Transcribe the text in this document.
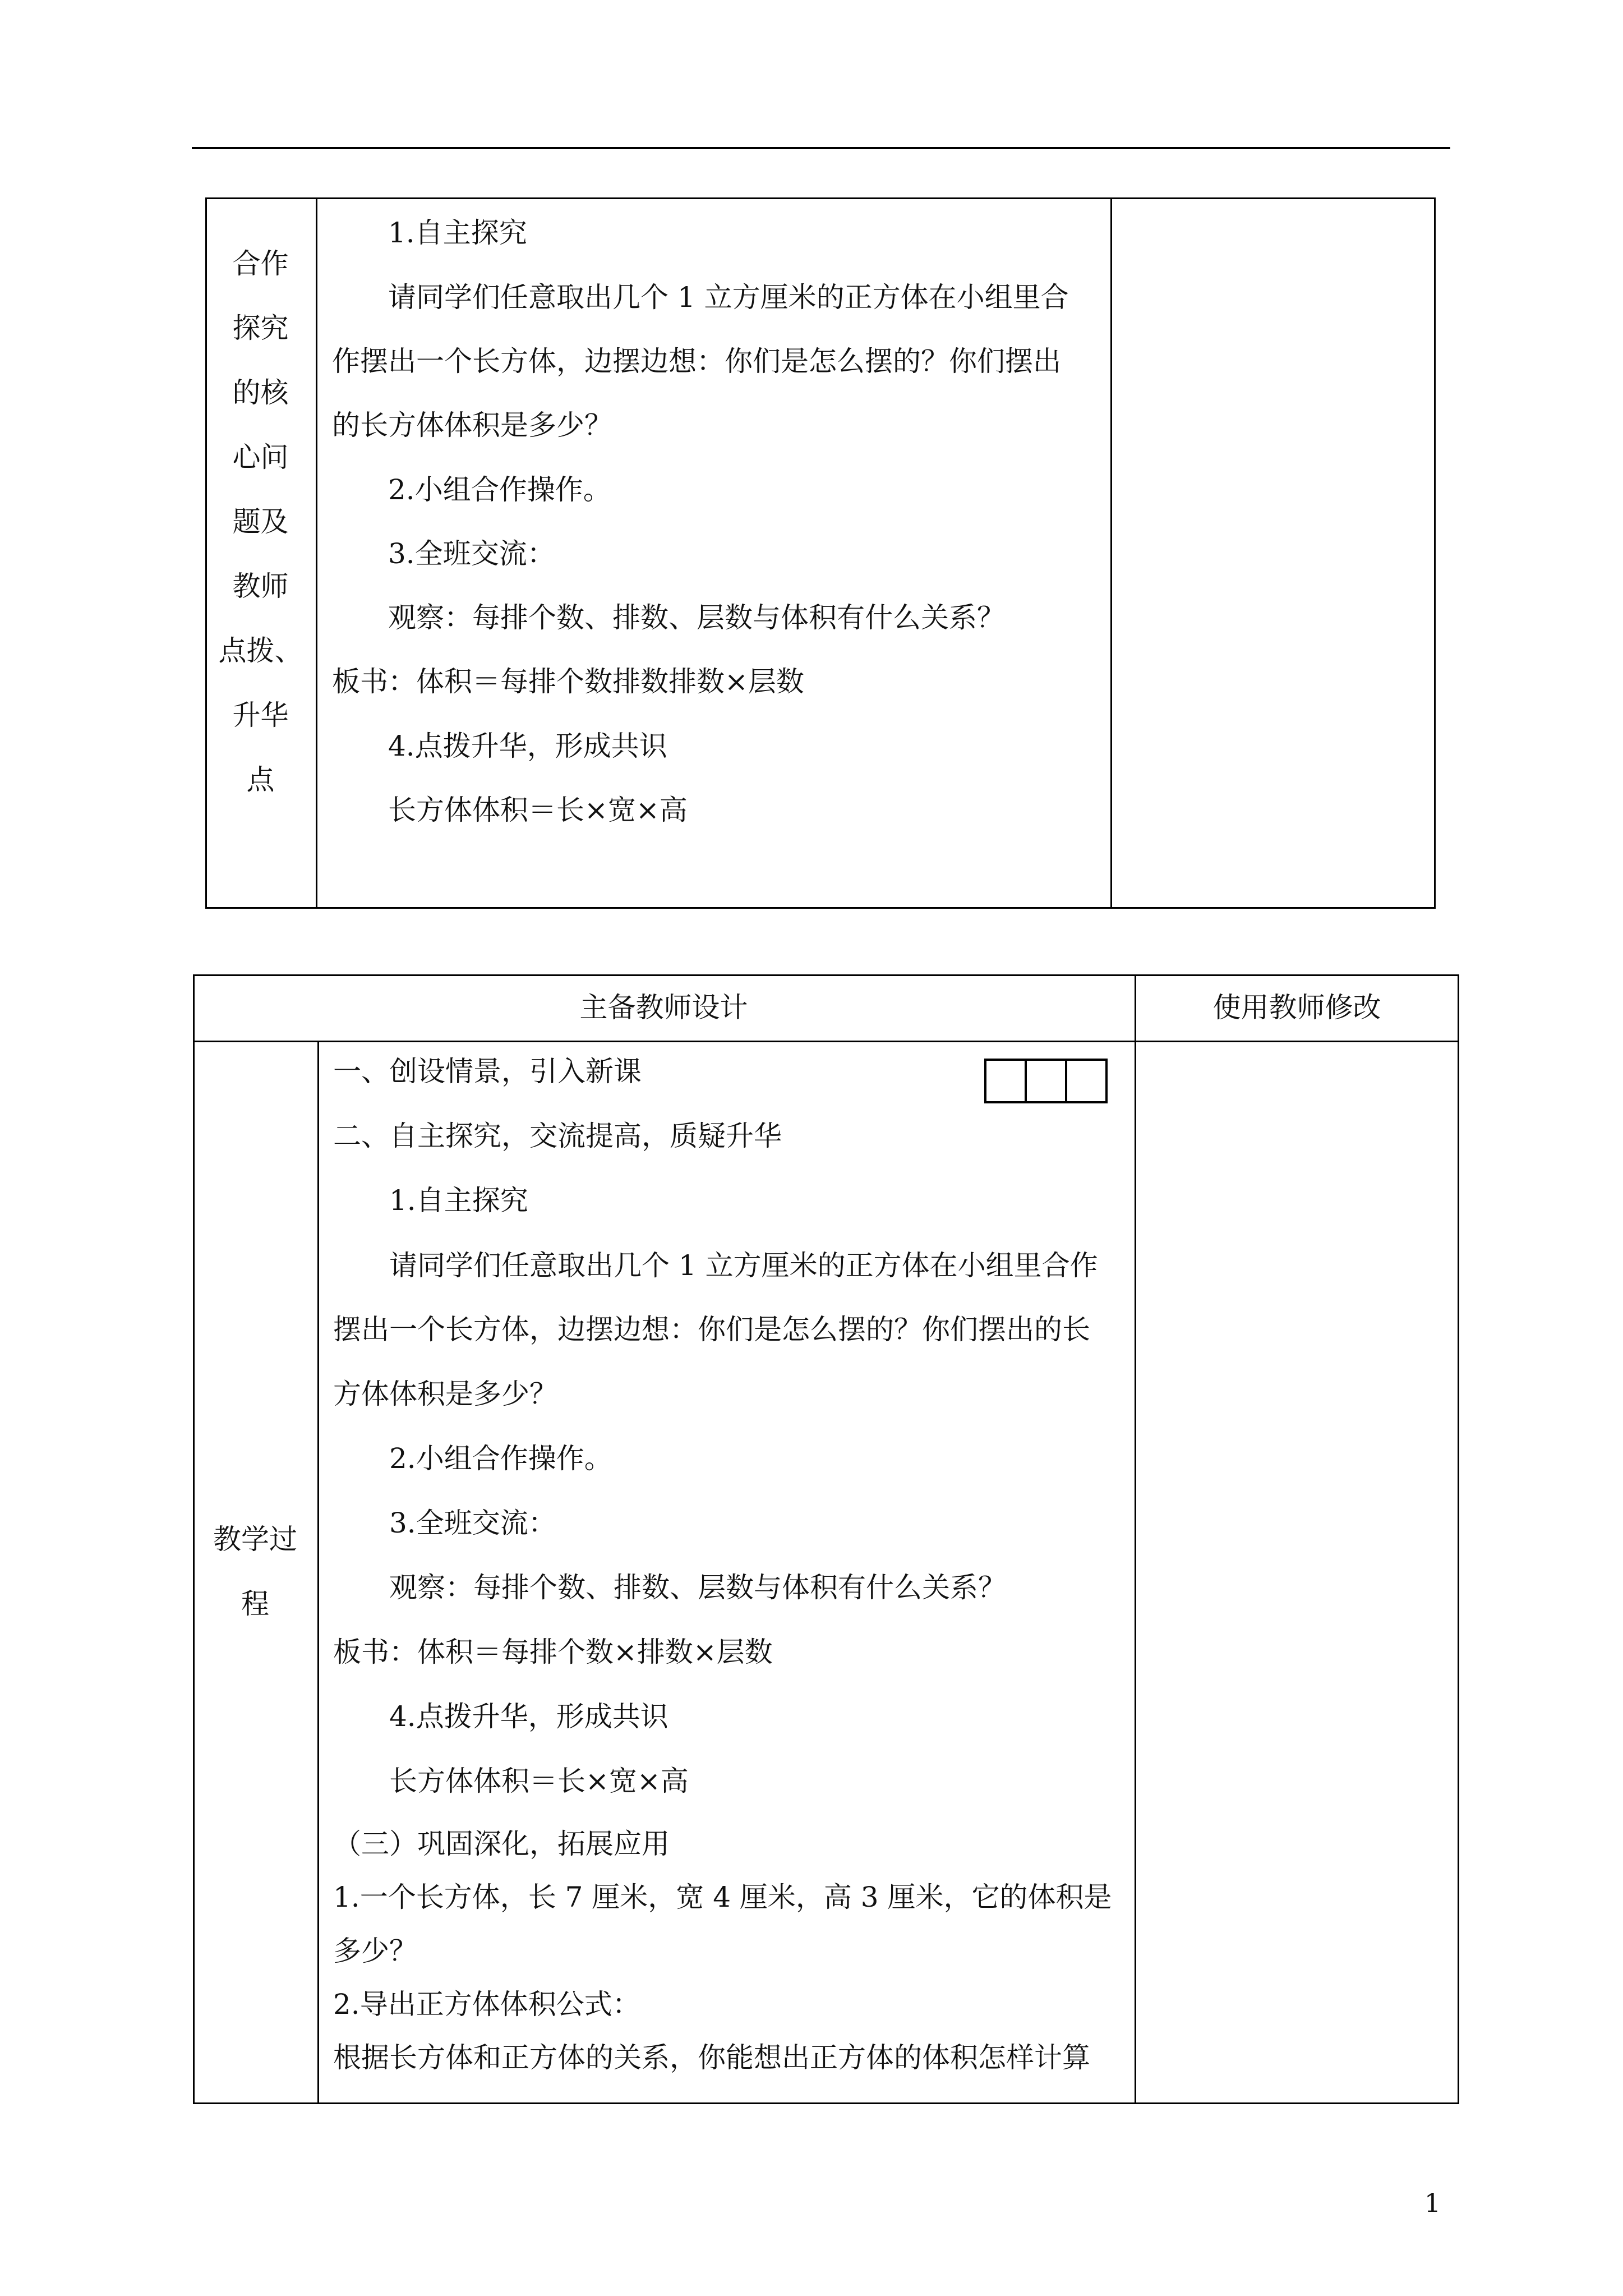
合作
探究
的核
心问
题及
教师
点拨、
升华
点
1.自主探究
请同学们任意取出几个 1 立方厘米的正方体在小组里合
作摆出一个长方体，边摆边想：你们是怎么摆的？你们摆出
的长方体体积是多少？
2.小组合作操作。
3.全班交流：
观察：每排个数、排数、层数与体积有什么关系？
板书：体积＝每排个数排数排数×层数
4.点拨升华，形成共识
长方体体积＝长×宽×高
主备教师设计	使用教师修改
教学过
程
一、创设情景，引入新课
二、自主探究，交流提高，质疑升华
1.自主探究
请同学们任意取出几个 1 立方厘米的正方体在小组里合作
摆出一个长方体，边摆边想：你们是怎么摆的？你们摆出的长
方体体积是多少？
2.小组合作操作。
3.全班交流：
观察：每排个数、排数、层数与体积有什么关系？
板书：体积＝每排个数×排数×层数
4.点拨升华，形成共识
长方体体积＝长×宽×高
（三）巩固深化，拓展应用
1.一个长方体，长 7 厘米，宽 4 厘米，高 3 厘米，它的体积是
多少？
2.导出正方体体积公式：
根据长方体和正方体的关系，你能想出正方体的体积怎样计算
1
